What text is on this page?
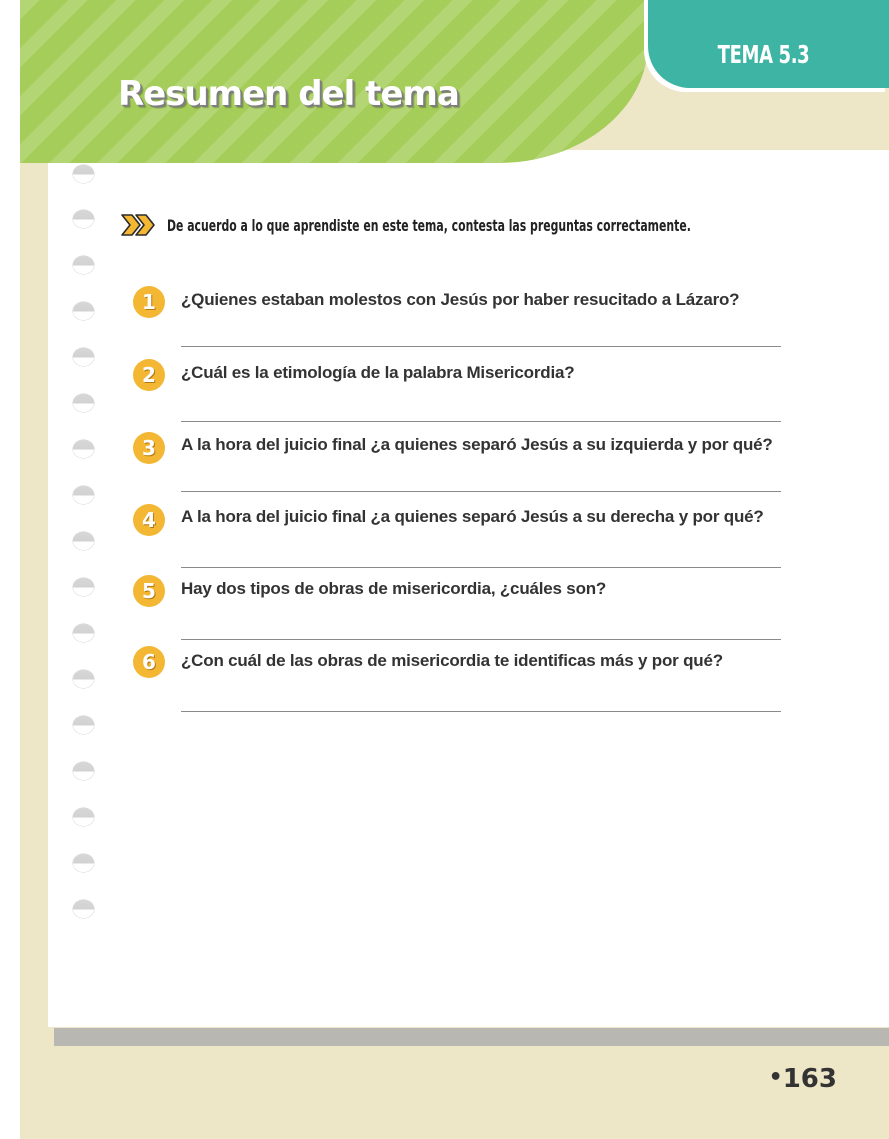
Resumen del tema
TEMA 5.3
De acuerdo a lo que aprendiste en este tema, contesta las preguntas correctamente.
1	¿Quienes estaban molestos con Jesús por haber resucitado a Lázaro?
2	¿Cuál es la etimología de la palabra Misericordia?
3	A la hora del juicio final ¿a quienes separó Jesús a su izquierda y por qué?
4	A la hora del juicio final ¿a quienes separó Jesús a su derecha y por qué?
5	Hay dos tipos de obras de misericordia, ¿cuáles son?
6	¿Con cuál de las obras de misericordia te identificas más y por qué?
•163
